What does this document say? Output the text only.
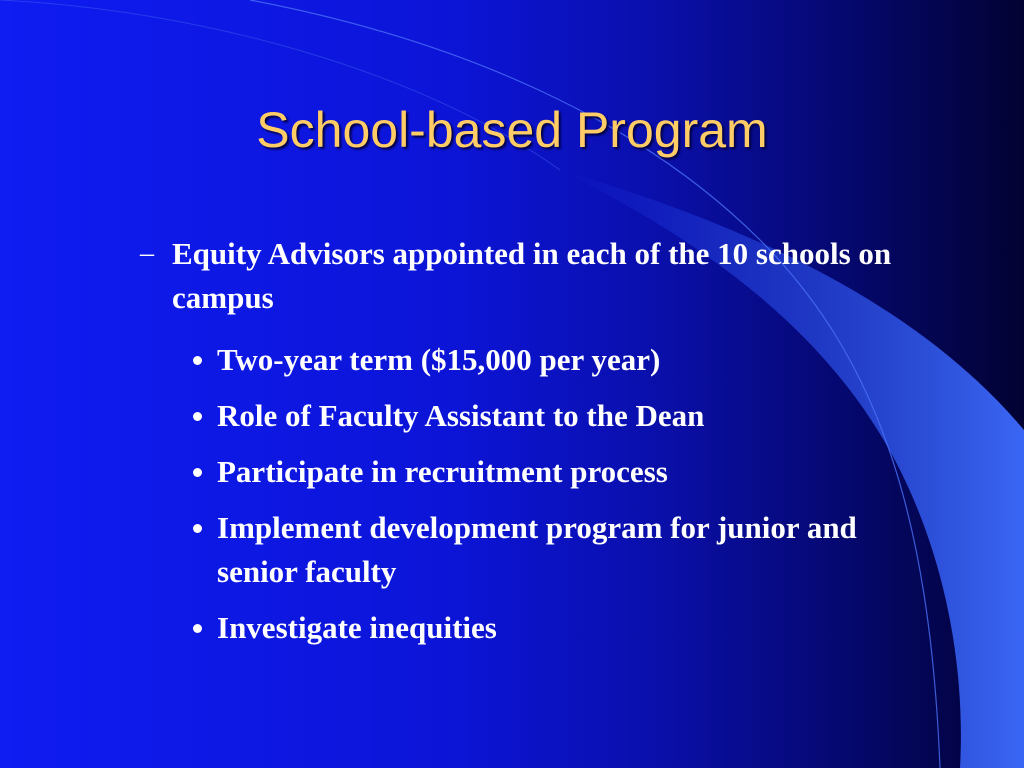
School-based Program
– Equity Advisors appointed in each of the 10 schools on campus
Two-year term ($15,000 per year)
Role of Faculty Assistant to the Dean
Participate in recruitment process
Implement development program for junior and senior faculty
Investigate inequities
